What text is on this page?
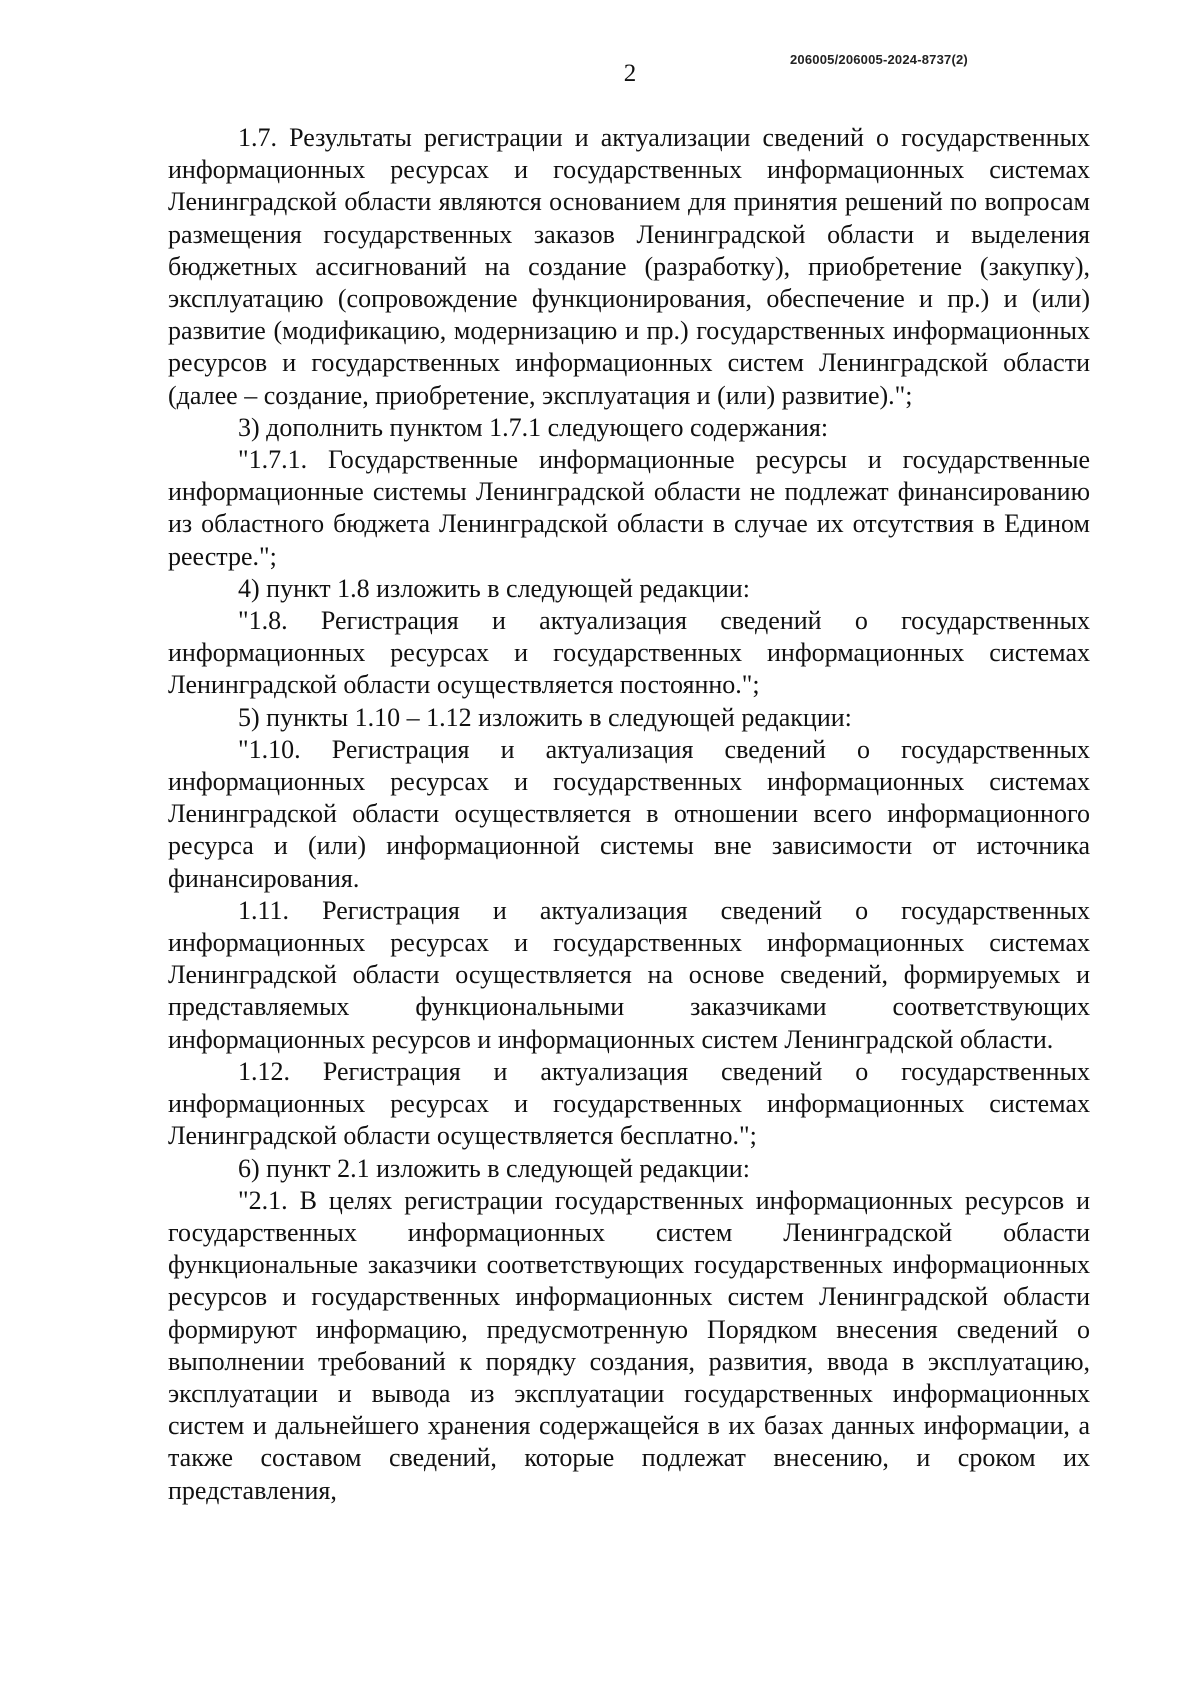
2
206005/206005-2024-8737(2)

1.7. Результаты регистрации и актуализации сведений о государственных информационных ресурсах и государственных информационных системах Ленинградской области являются основанием для принятия решений по вопросам размещения государственных заказов Ленинградской области и выделения бюджетных ассигнований на создание (разработку), приобретение (закупку), эксплуатацию (сопровождение функционирования, обеспечение и пр.) и (или) развитие (модификацию, модернизацию и пр.) государственных информационных ресурсов и государственных информационных систем Ленинградской области (далее – создание, приобретение, эксплуатация и (или) развитие).";

3) дополнить пунктом 1.7.1 следующего содержания:

"1.7.1. Государственные информационные ресурсы и государственные информационные системы Ленинградской области не подлежат финансированию из областного бюджета Ленинградской области в случае их отсутствия в Едином реестре.";

4) пункт 1.8 изложить в следующей редакции:

"1.8. Регистрация и актуализация сведений о государственных информационных ресурсах и государственных информационных системах Ленинградской области осуществляется постоянно.";

5) пункты 1.10 – 1.12 изложить в следующей редакции:

"1.10. Регистрация и актуализация сведений о государственных информационных ресурсах и государственных информационных системах Ленинградской области осуществляется в отношении всего информационного ресурса и (или) информационной системы вне зависимости от источника финансирования.

1.11. Регистрация и актуализация сведений о государственных информационных ресурсах и государственных информационных системах Ленинградской области осуществляется на основе сведений, формируемых и представляемых функциональными заказчиками соответствующих информационных ресурсов и информационных систем Ленинградской области.

1.12. Регистрация и актуализация сведений о государственных информационных ресурсах и государственных информационных системах Ленинградской области осуществляется бесплатно.";

6) пункт 2.1 изложить в следующей редакции:

"2.1. В целях регистрации государственных информационных ресурсов и государственных информационных систем Ленинградской области функциональные заказчики соответствующих государственных информационных ресурсов и государственных информационных систем Ленинградской области формируют информацию, предусмотренную Порядком внесения сведений о выполнении требований к порядку создания, развития, ввода в эксплуатацию, эксплуатации и вывода из эксплуатации государственных информационных систем и дальнейшего хранения содержащейся в их базах данных информации, а также составом сведений, которые подлежат внесению, и сроком их представления,
